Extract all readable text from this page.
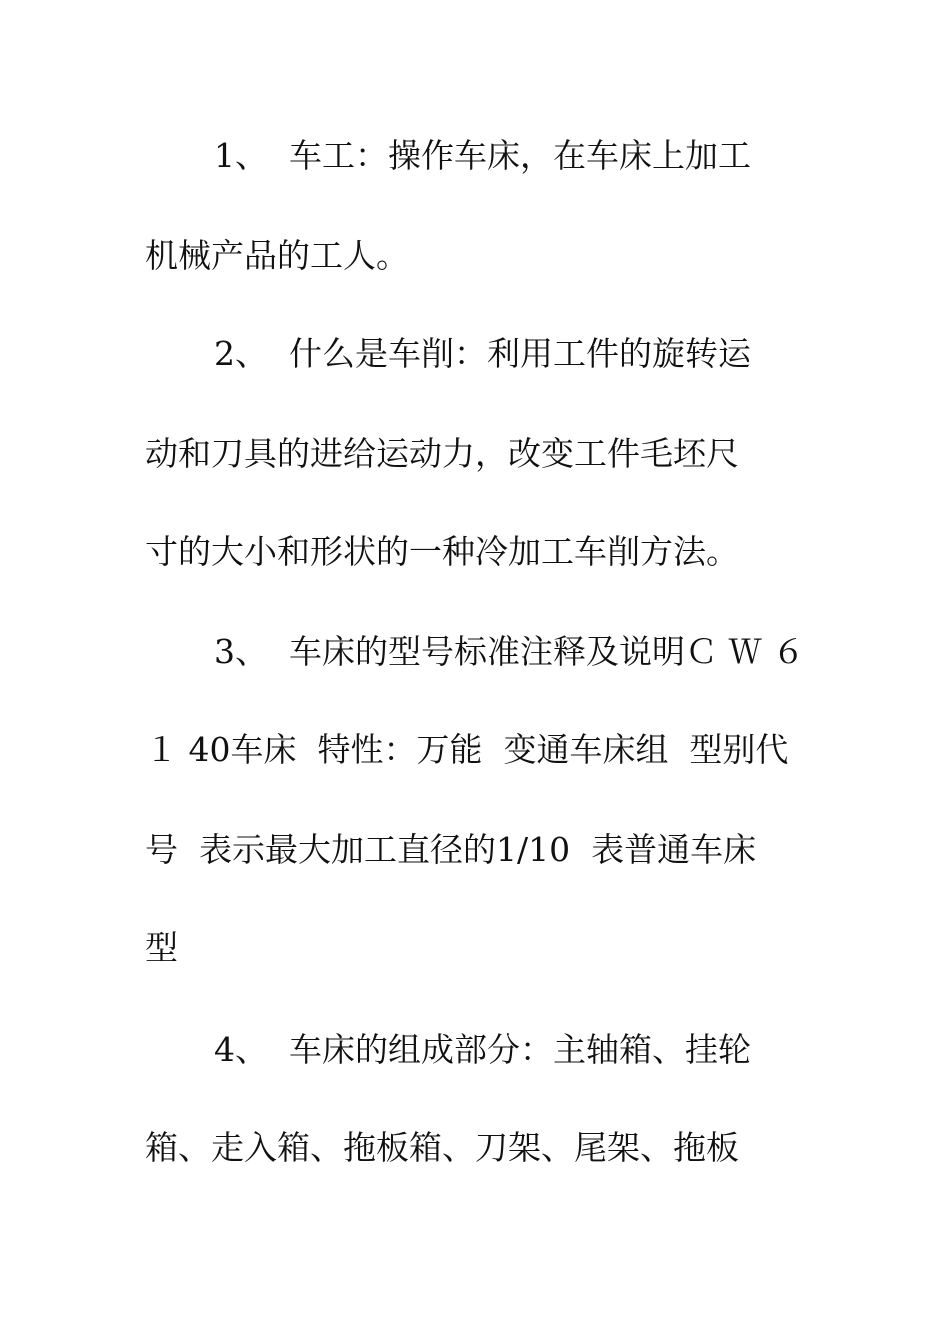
1、  车工：操作车床，在车床上加工
机械产品的工人。
2、  什么是车削：利用工件的旋转运
动和刀具的进给运动力，改变工件毛坯尺
寸的大小和形状的一种冷加工车削方法。
3、  车床的型号标准注释及说明Ｃ Ｗ ６
１ 40车床  特性：万能  变通车床组  型别代
号  表示最大加工直径的1/10  表普通车床
型
4、  车床的组成部分：主轴箱、挂轮
箱、走入箱、拖板箱、刀架、尾架、拖板
